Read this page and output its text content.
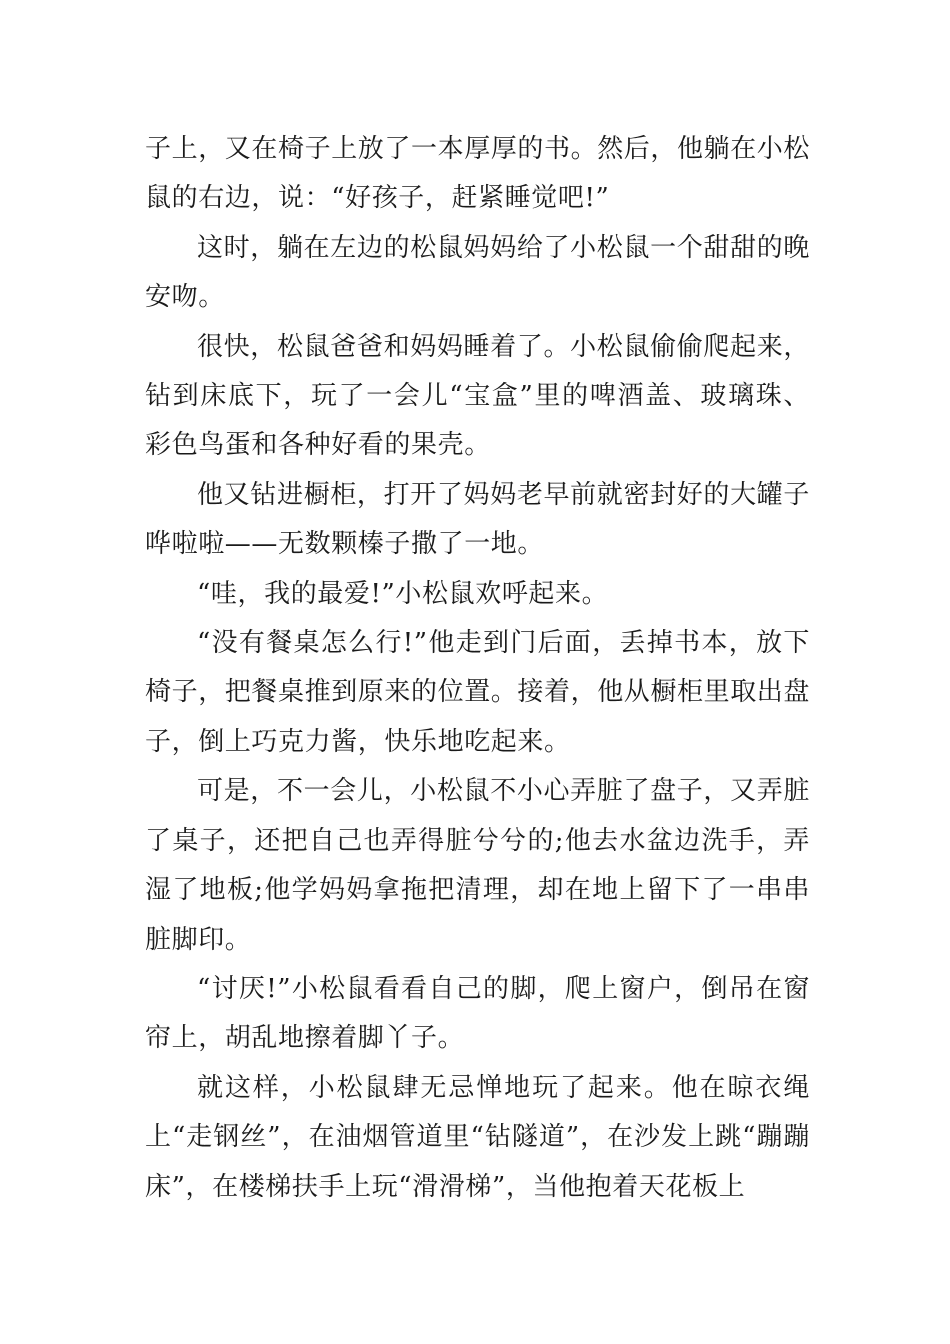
子上，又在椅子上放了一本厚厚的书。然后，他躺在小松鼠的右边，说：“好孩子，赶紧睡觉吧!”

这时，躺在左边的松鼠妈妈给了小松鼠一个甜甜的晚安吻。

很快，松鼠爸爸和妈妈睡着了。小松鼠偷偷爬起来，钻到床底下，玩了一会儿“宝盒”里的啤酒盖、玻璃珠、彩色鸟蛋和各种好看的果壳。

他又钻进橱柜，打开了妈妈老早前就密封好的大罐子哗啦啦——无数颗榛子撒了一地。

“哇，我的最爱!”小松鼠欢呼起来。

“没有餐桌怎么行!”他走到门后面，丢掉书本，放下椅子，把餐桌推到原来的位置。接着，他从橱柜里取出盘子，倒上巧克力酱，快乐地吃起来。

可是，不一会儿，小松鼠不小心弄脏了盘子，又弄脏了桌子，还把自己也弄得脏兮兮的;他去水盆边洗手，弄湿了地板;他学妈妈拿拖把清理，却在地上留下了一串串脏脚印。

“讨厌!”小松鼠看看自己的脚，爬上窗户，倒吊在窗帘上，胡乱地擦着脚丫子。

就这样，小松鼠肆无忌惮地玩了起来。他在晾衣绳上“走钢丝”，在油烟管道里“钻隧道”，在沙发上跳“蹦蹦床”，在楼梯扶手上玩“滑滑梯”，当他抱着天花板上
